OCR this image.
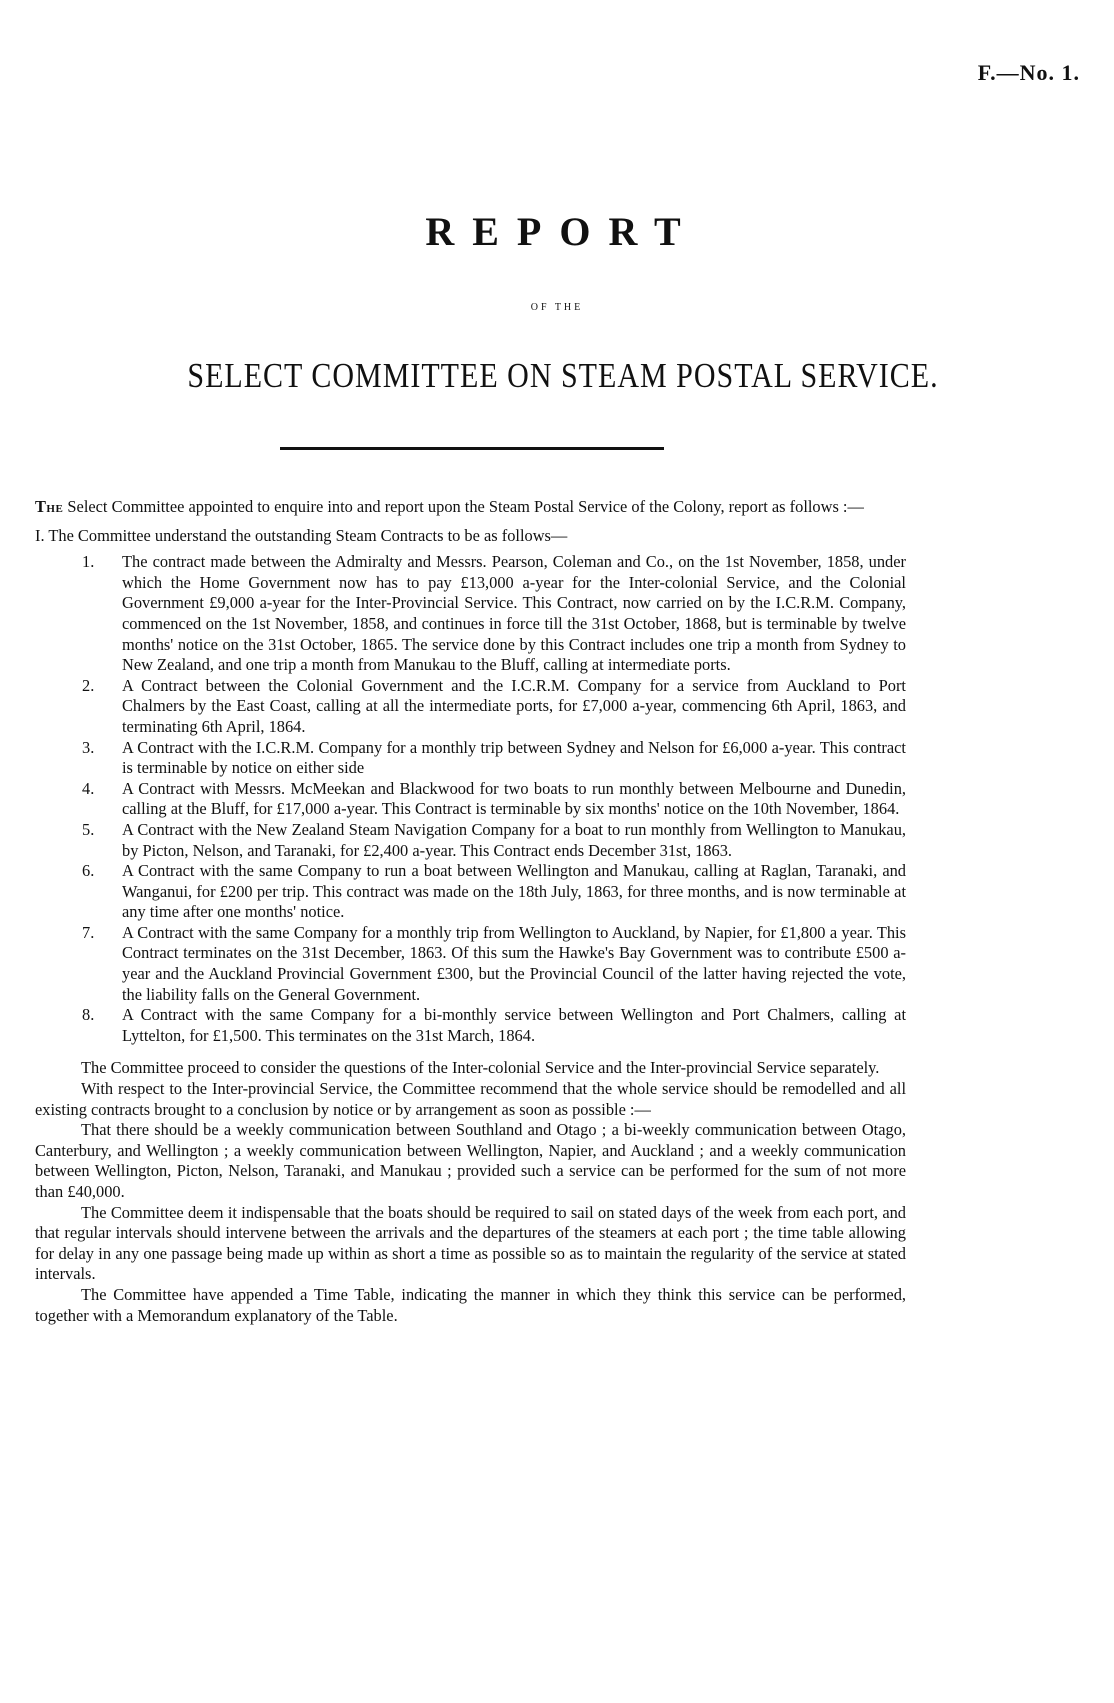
F.—No. 1.
REPORT
OF THE
SELECT COMMITTEE ON STEAM POSTAL SERVICE.

The Select Committee appointed to enquire into and report upon the Steam Postal Service of the Colony, report as follows :—

I. The Committee understand the outstanding Steam Contracts to be as follows—

1. The contract made between the Admiralty and Messrs. Pearson, Coleman and Co., on the 1st November, 1858, under which the Home Government now has to pay £13,000 a-year for the Inter-colonial Service, and the Colonial Government £9,000 a-year for the Inter-Provincial Service. This Contract, now carried on by the I.C.R.M. Company, commenced on the 1st November, 1858, and continues in force till the 31st October, 1868, but is terminable by twelve months' notice on the 31st October, 1865. The service done by this Contract includes one trip a month from Sydney to New Zealand, and one trip a month from Manukau to the Bluff, calling at intermediate ports.
2. A Contract between the Colonial Government and the I.C.R.M. Company for a service from Auckland to Port Chalmers by the East Coast, calling at all the intermediate ports, for £7,000 a-year, commencing 6th April, 1863, and terminating 6th April, 1864.
3. A Contract with the I.C.R.M. Company for a monthly trip between Sydney and Nelson for £6,000 a-year. This contract is terminable by notice on either side
4. A Contract with Messrs. McMeekan and Blackwood for two boats to run monthly between Melbourne and Dunedin, calling at the Bluff, for £17,000 a-year. This Contract is terminable by six months' notice on the 10th November, 1864.
5. A Contract with the New Zealand Steam Navigation Company for a boat to run monthly from Wellington to Manukau, by Picton, Nelson, and Taranaki, for £2,400 a-year. This Contract ends December 31st, 1863.
6. A Contract with the same Company to run a boat between Wellington and Manukau, calling at Raglan, Taranaki, and Wanganui, for £200 per trip. This contract was made on the 18th July, 1863, for three months, and is now terminable at any time after one months' notice.
7. A Contract with the same Company for a monthly trip from Wellington to Auckland, by Napier, for £1,800 a year. This Contract terminates on the 31st December, 1863. Of this sum the Hawke's Bay Government was to contribute £500 a-year and the Auckland Provincial Government £300, but the Provincial Council of the latter having rejected the vote, the liability falls on the General Government.
8. A Contract with the same Company for a bi-monthly service between Wellington and Port Chalmers, calling at Lyttelton, for £1,500. This terminates on the 31st March, 1864.

The Committee proceed to consider the questions of the Inter-colonial Service and the Inter-provincial Service separately.

With respect to the Inter-provincial Service, the Committee recommend that the whole service should be remodelled and all existing contracts brought to a conclusion by notice or by arrangement as soon as possible :—

That there should be a weekly communication between Southland and Otago ; a bi-weekly communication between Otago, Canterbury, and Wellington ; a weekly communication between Wellington, Napier, and Auckland ; and a weekly communication between Wellington, Picton, Nelson, Taranaki, and Manukau ; provided such a service can be performed for the sum of not more than £40,000.

The Committee deem it indispensable that the boats should be required to sail on stated days of the week from each port, and that regular intervals should intervene between the arrivals and the departures of the steamers at each port ; the time table allowing for delay in any one passage being made up within as short a time as possible so as to maintain the regularity of the service at stated intervals.

The Committee have appended a Time Table, indicating the manner in which they think this service can be performed, together with a Memorandum explanatory of the Table.
